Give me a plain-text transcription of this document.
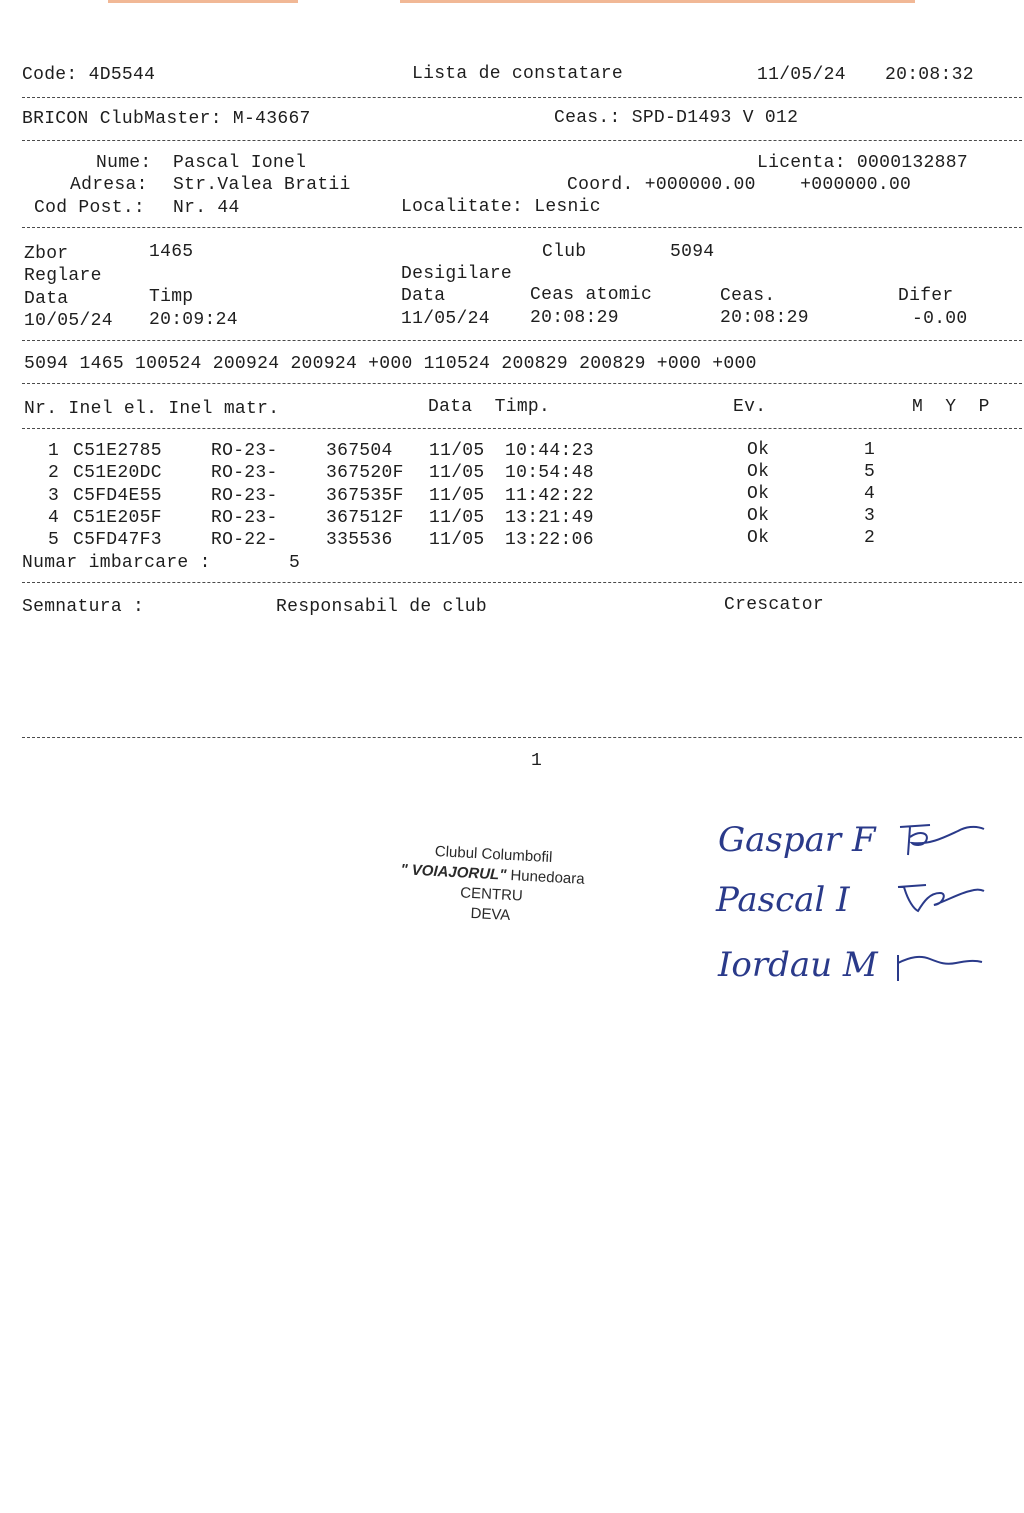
Code: 4D5544	Lista de constatare	11/05/24 20:08:32
BRICON ClubMaster: M-43667	Ceas.: SPD-D1493 V 012
Nume: Pascal Ionel	Licenta: 0000132887
Adresa: Str.Valea Bratii	Coord. +000000.00    +000000.00
Cod Post.: Nr. 44	Localitate: Lesnic
Zbor	1465	Club	5094
Reglare	Desigilare
Data	Timp	Data	Ceas atomic	Ceas.	Difer
10/05/24 20:09:24	11/05/24 20:08:29	20:08:29	-0.00
5094 1465 100524 200924 200924 +000 110524 200829 200829 +000 +000
Nr. Inel el. Inel matr.	Data  Timp.	Ev.	M  Y  P
1 C51E2785	RO-23-	367504 11/05 10:44:23	Ok	1
2 C51E20DC	RO-23-	367520F 11/05 10:54:48	Ok	5
3 C5FD4E55	RO-23-	367535F 11/05 11:42:22	Ok	4
4 C51E205F	RO-23-	367512F 11/05 13:21:49	Ok	3
5 C5FD47F3	RO-22-	335536 11/05 13:22:06	Ok	2
Numar imbarcare :	5
Semnatura :	Responsabil de club	Crescator
1
Clubul Columbofil
" VOIAJORUL" Hunedoara
CENTRU
DEVA
Gaspar F
Pascal I
Iordau M
